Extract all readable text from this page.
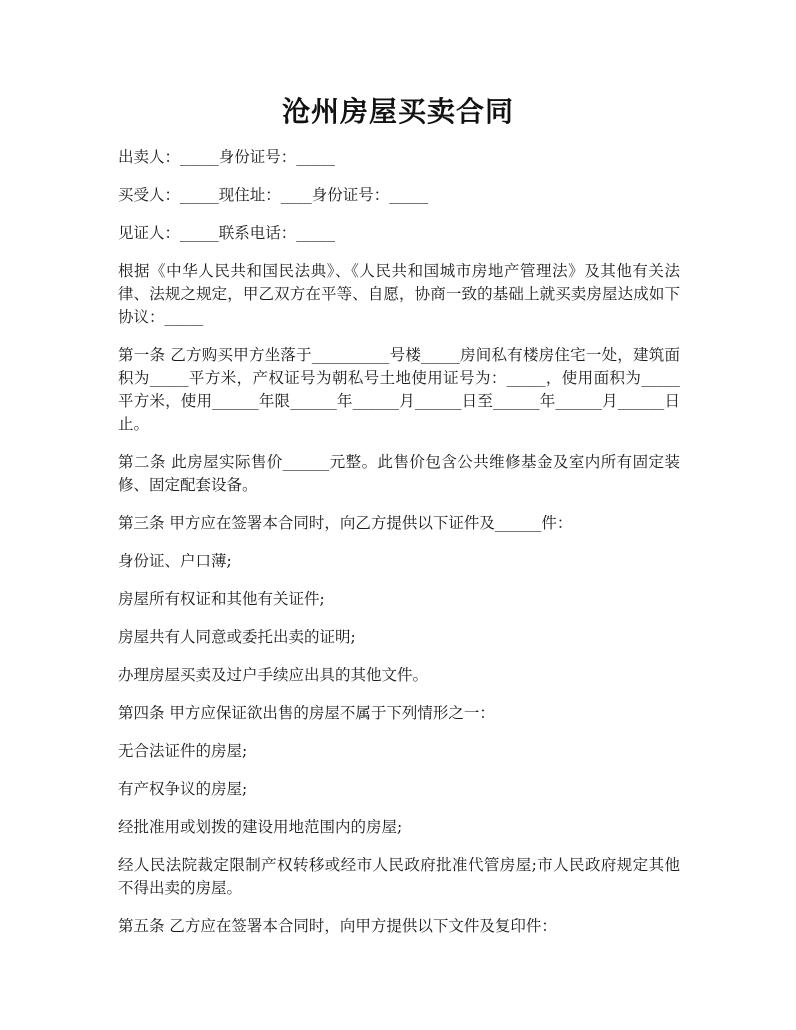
沧州房屋买卖合同

出卖人：_____身份证号：_____

买受人：_____现住址：____身份证号：_____

见证人：_____联系电话：_____

根据《中华人民共和国民法典》、《人民共和国城市房地产管理法》及其他有关法律、法规之规定，甲乙双方在平等、自愿，协商一致的基础上就买卖房屋达成如下协议：_____

第一条 乙方购买甲方坐落于__________号楼_____房间私有楼房住宅一处，建筑面积为_____平方米，产权证号为朝私号土地使用证号为：_____，使用面积为_____平方米，使用______年限______年______月______日至______年______月______日止。

第二条 此房屋实际售价______元整。此售价包含公共维修基金及室内所有固定装修、固定配套设备。

第三条 甲方应在签署本合同时，向乙方提供以下证件及______件：

身份证、户口薄;

房屋所有权证和其他有关证件;

房屋共有人同意或委托出卖的证明;

办理房屋买卖及过户手续应出具的其他文件。

第四条 甲方应保证欲出售的房屋不属于下列情形之一：

无合法证件的房屋;

有产权争议的房屋;

经批准用或划拨的建设用地范围内的房屋;

经人民法院裁定限制产权转移或经市人民政府批准代管房屋;市人民政府规定其他不得出卖的房屋。

第五条 乙方应在签署本合同时，向甲方提供以下文件及复印件：
